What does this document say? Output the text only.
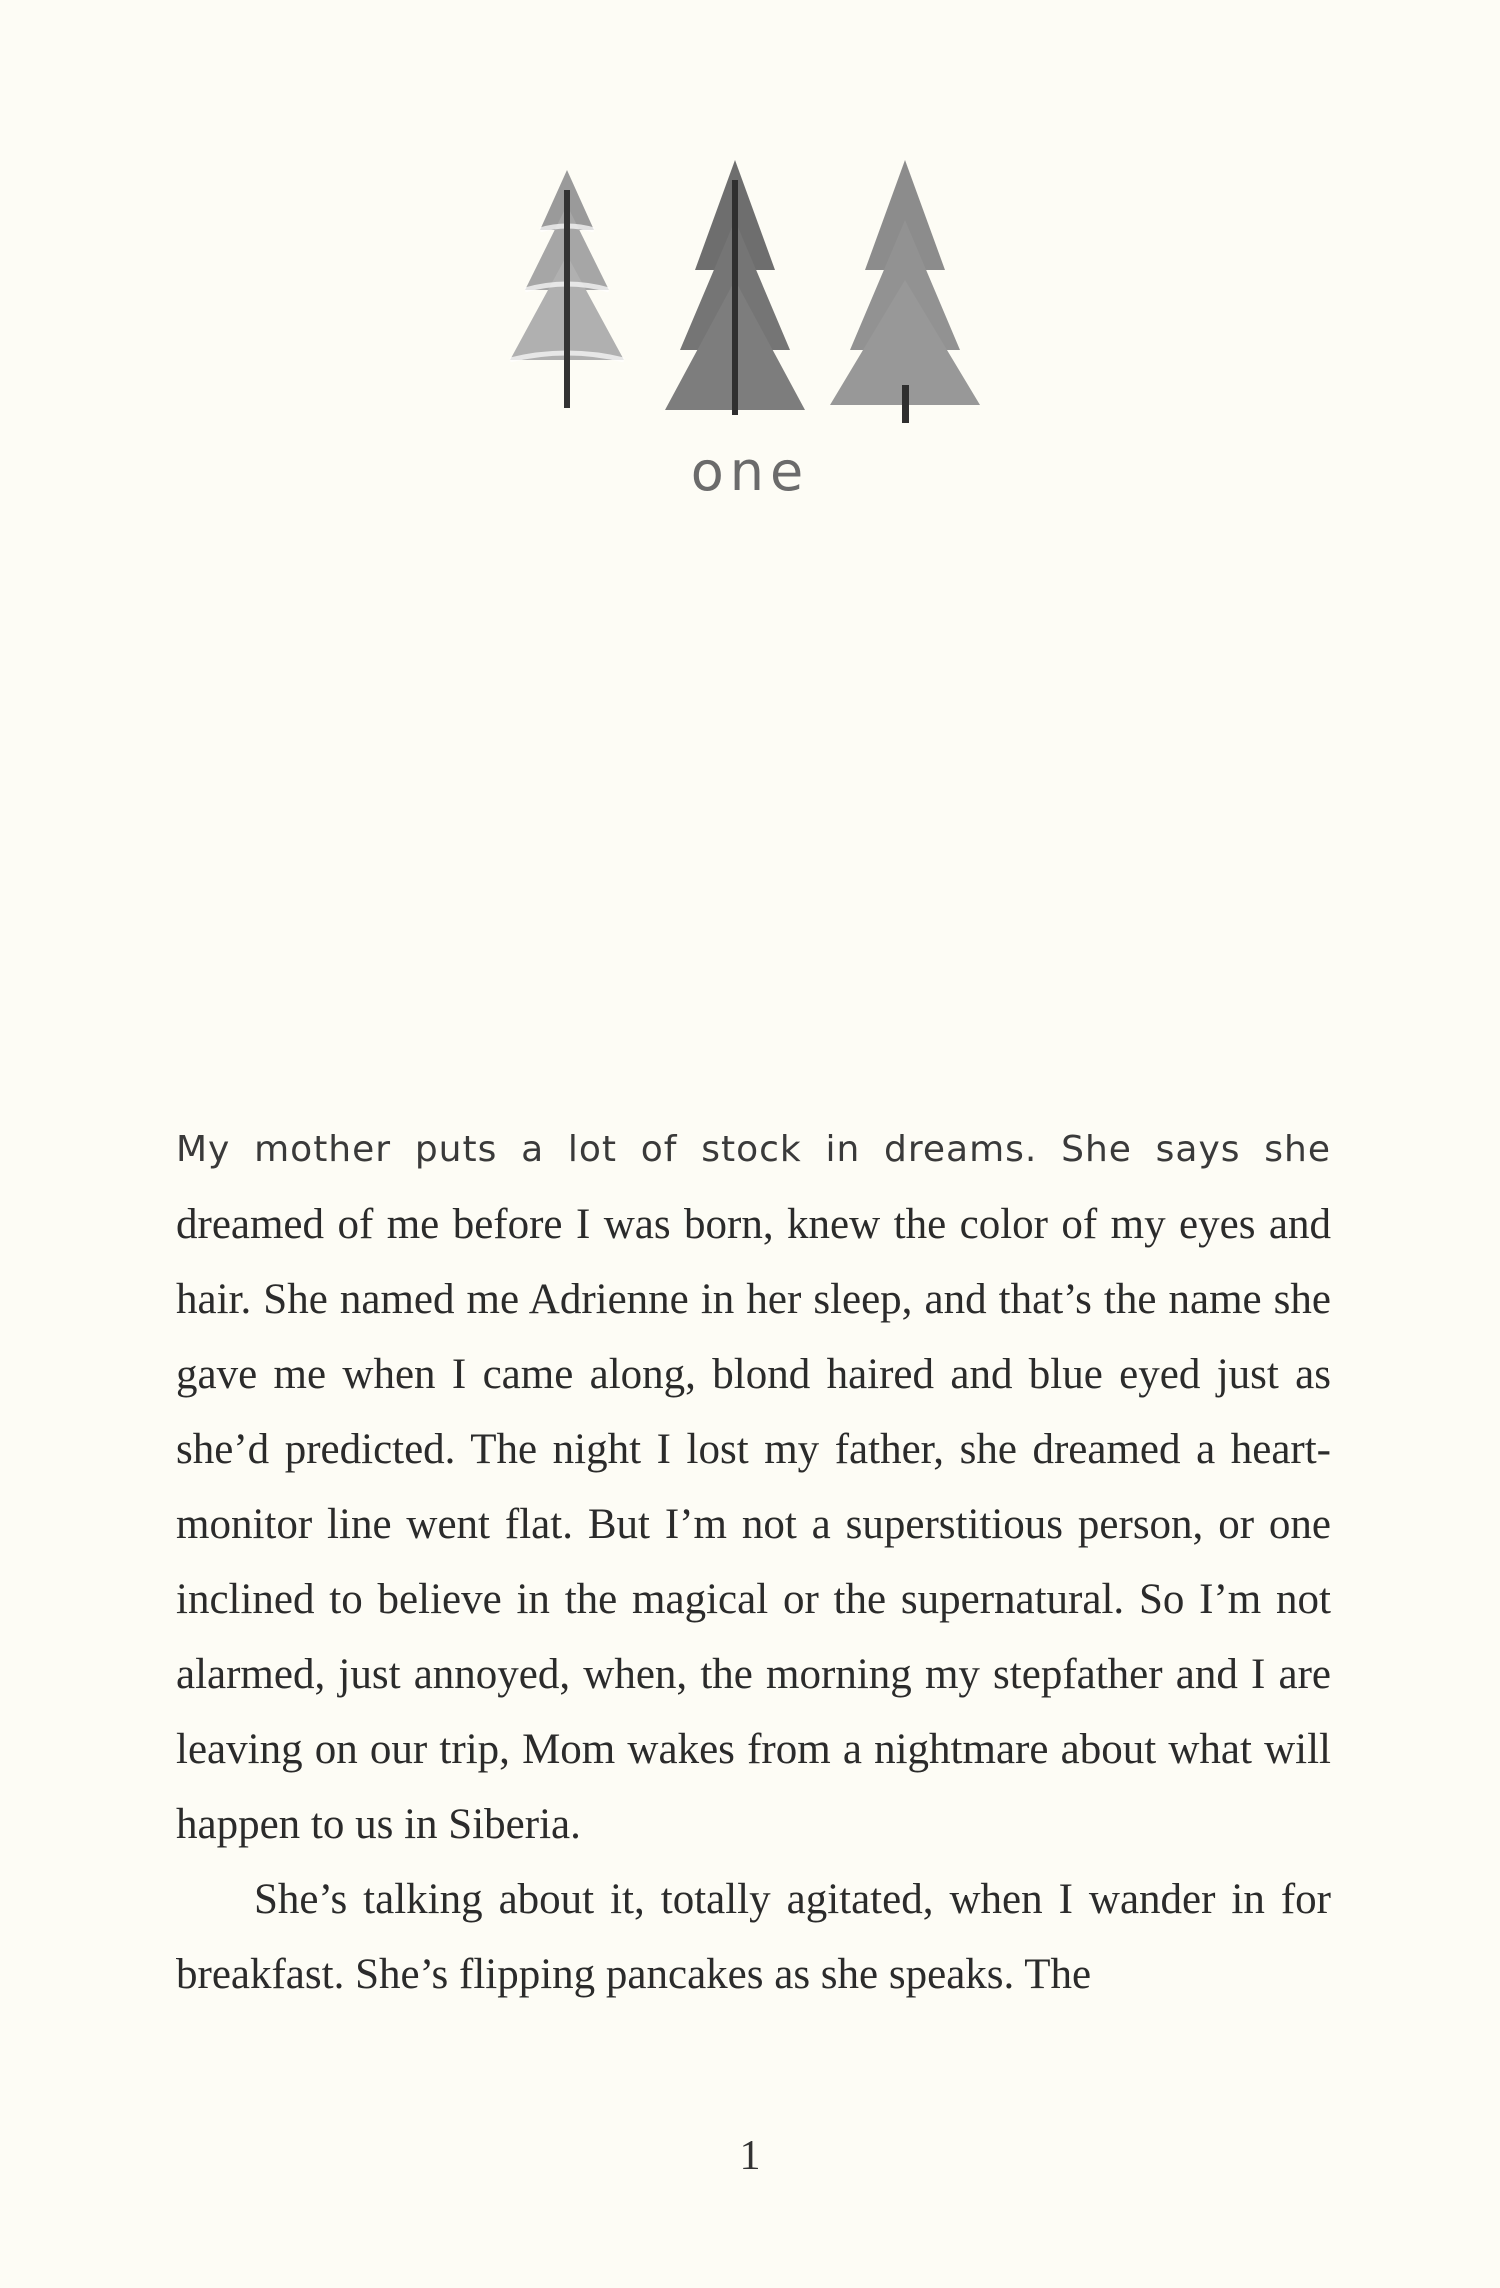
one

My mother puts a lot of stock in dreams. She says she dreamed of me before I was born, knew the color of my eyes and hair. She named me Adrienne in her sleep, and that’s the name she gave me when I came along, blond haired and blue eyed just as she’d predicted. The night I lost my father, she dreamed a heart-monitor line went flat. But I’m not a superstitious person, or one inclined to believe in the magical or the supernatural. So I’m not alarmed, just annoyed, when, the morning my stepfather and I are leaving on our trip, Mom wakes from a nightmare about what will happen to us in Siberia.

She’s talking about it, totally agitated, when I wander in for breakfast. She’s flipping pancakes as she speaks. The

1
